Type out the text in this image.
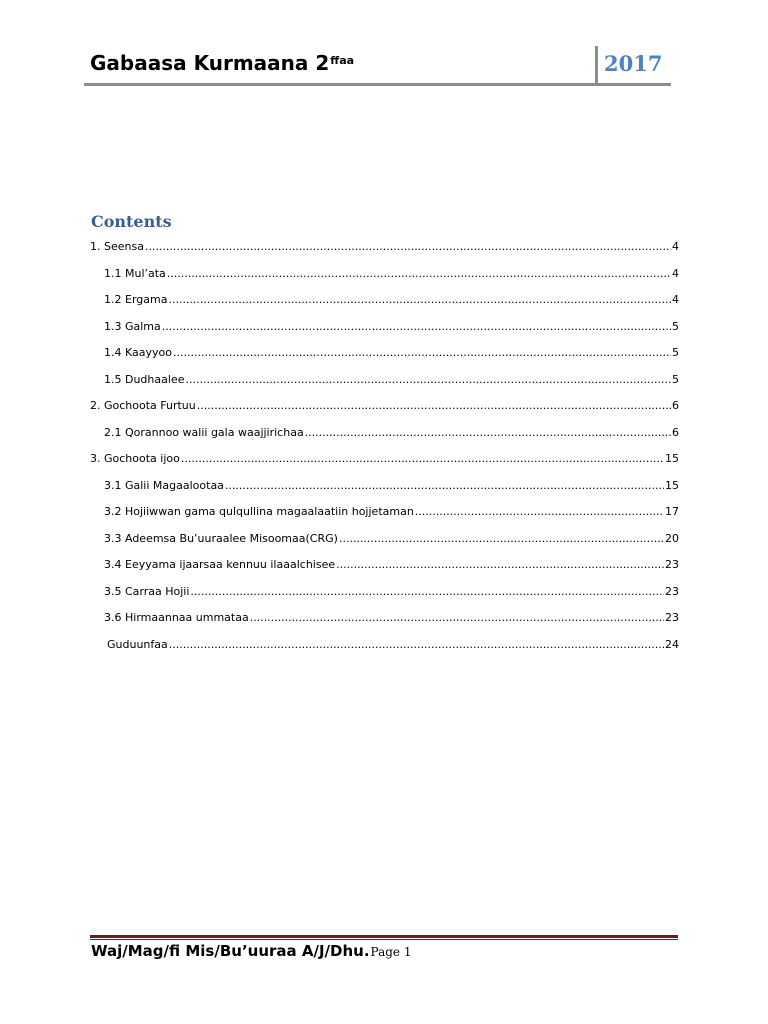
Gabaasa Kurmaana $2^{ffaa}$	2017
Contents
1. Seensa .....	4
1.1 Mul’ata .....	4
1.2 Ergama .....	4
1.3 Galma .....	5
1.4 Kaayyoo .....	5
1.5 Dudhaalee .....	5
2. Gochoota Furtuu .....	6
2.1 Qorannoo walii gala waajjirichaa .....	6
3. Gochoota ijoo .....	15
3.1 Galii Magaalootaa .....	15
3.2 Hojiiwwan gama qulqullina magaalaatiin hojjetaman .....	17
3.3 Adeemsa Bu’uuraalee Misoomaa(CRG) .....	20
3.4 Eeyyama ijaarsaa kennuu ilaaalchisee .....	23
3.5 Carraa Hojii .....	23
3.6 Hirmaannaa ummataa .....	23
Guduunfaa .....	24
Waj/Mag/fi Mis/Bu’uuraa A/J/Dhu. Page 1
